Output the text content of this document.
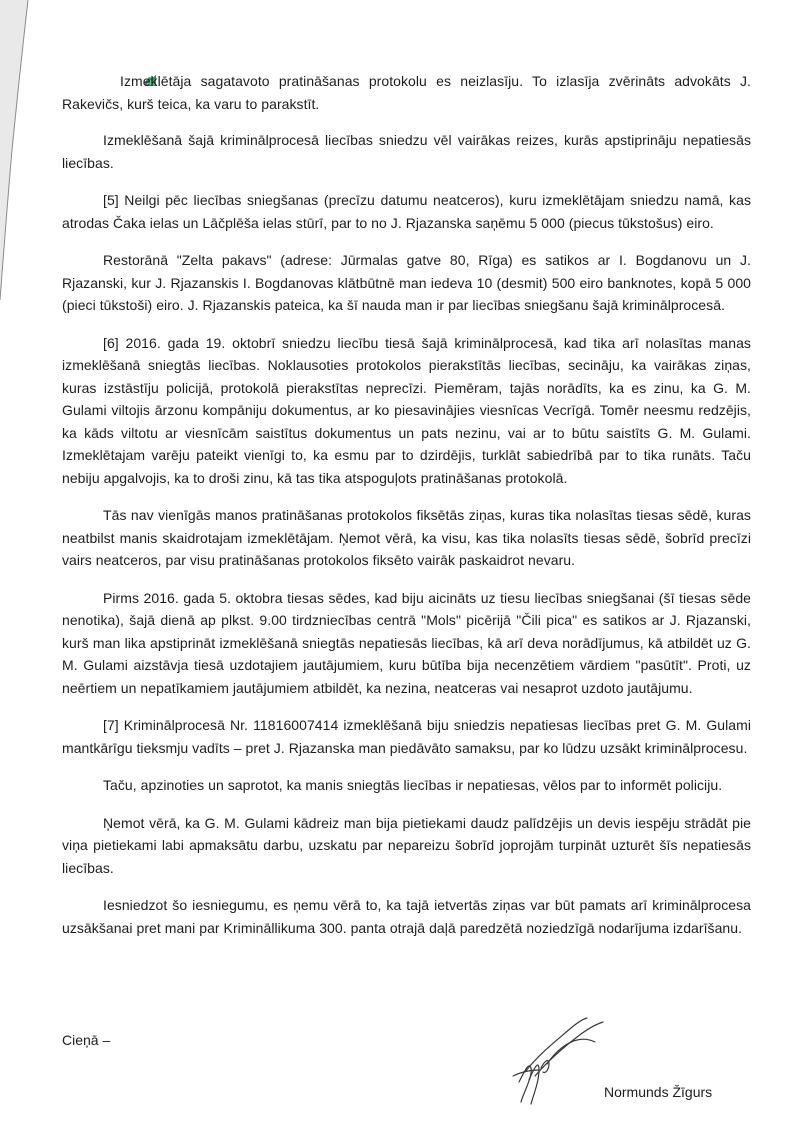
Izmeklētāja sagatavoto pratināšanas protokolu es neizlasīju. To izlasīja zvērināts advokāts J. Rakevičs, kurš teica, ka varu to parakstīt.

Izmeklēšanā šajā kriminālprocesā liecības sniedzu vēl vairākas reizes, kurās apstiprināju nepatiesās liecības.

[5] Neilgi pēc liecības sniegšanas (precīzu datumu neatceros), kuru izmeklētājam sniedzu namā, kas atrodas Čaka ielas un Lāčplēša ielas stūrī, par to no J. Rjazanska saņēmu 5 000 (piecus tūkstošus) eiro.

Restorānā "Zelta pakavs" (adrese: Jūrmalas gatve 80, Rīga) es satikos ar I. Bogdanovu un J. Rjazanski, kur J. Rjazanskis I. Bogdanovas klātbūtnē man iedeva 10 (desmit) 500 eiro banknotes, kopā 5 000 (pieci tūkstoši) eiro. J. Rjazanskis pateica, ka šī nauda man ir par liecības sniegšanu šajā kriminālprocesā.

[6] 2016. gada 19. oktobrī sniedzu liecību tiesā šajā kriminālprocesā, kad tika arī nolasītas manas izmeklēšanā sniegtās liecības. Noklausoties protokolos pierakstītās liecības, secināju, ka vairākas ziņas, kuras izstāstīju policijā, protokolā pierakstītas neprecīzi. Piemēram, tajās norādīts, ka es zinu, ka G. M. Gulami viltojis ārzonu kompāniju dokumentus, ar ko piesavinājies viesnīcas Vecrīgā. Tomēr neesmu redzējis, ka kāds viltotu ar viesnīcām saistītus dokumentus un pats nezinu, vai ar to būtu saistīts G. M. Gulami. Izmeklētajam varēju pateikt vienīgi to, ka esmu par to dzirdējis, turklāt sabiedrībā par to tika runāts. Taču nebiju apgalvojis, ka to droši zinu, kā tas tika atspoguļots pratināšanas protokolā.

Tās nav vienīgās manos pratināšanas protokolos fiksētās ziņas, kuras tika nolasītas tiesas sēdē, kuras neatbilst manis skaidrotajam izmeklētājam. Ņemot vērā, ka visu, kas tika nolasīts tiesas sēdē, šobrīd precīzi vairs neatceros, par visu pratināšanas protokolos fiksēto vairāk paskaidrot nevaru.

Pirms 2016. gada 5. oktobra tiesas sēdes, kad biju aicināts uz tiesu liecības sniegšanai (šī tiesas sēde nenotika), šajā dienā ap plkst. 9.00 tirdzniecības centrā "Mols" picērijā "Čili pica" es satikos ar J. Rjazanski, kurš man lika apstiprināt izmeklēšanā sniegtās nepatiesās liecības, kā arī deva norādījumus, kā atbildēt uz G. M. Gulami aizstāvja tiesā uzdotajiem jautājumiem, kuru būtība bija necenzētiem vārdiem "pasūtīt". Proti, uz neērtiem un nepatīkamiem jautājumiem atbildēt, ka nezina, neatceras vai nesaprot uzdoto jautājumu.

[7] Kriminālprocesā Nr. 11816007414 izmeklēšanā biju sniedzis nepatiesas liecības pret G. M. Gulami mantkārīgu tieksmju vadīts – pret J. Rjazanska man piedāvāto samaksu, par ko lūdzu uzsākt kriminālprocesu.

Taču, apzinoties un saprotot, ka manis sniegtās liecības ir nepatiesas, vēlos par to informēt policiju.

Ņemot vērā, ka G. M. Gulami kādreiz man bija pietiekami daudz palīdzējis un devis iespēju strādāt pie viņa pietiekami labi apmaksātu darbu, uzskatu par nepareizu šobrīd joprojām turpināt uzturēt šīs nepatiesās liecības.

Iesniedzot šo iesniegumu, es ņemu vērā to, ka tajā ietvertās ziņas var būt pamats arī kriminālprocesa uzsākšanai pret mani par Krimināllikuma 300. panta otrajā daļā paredzētā noziedzīgā nodarījuma izdarīšanu.

Cieņā –

Normunds Žīgurs
